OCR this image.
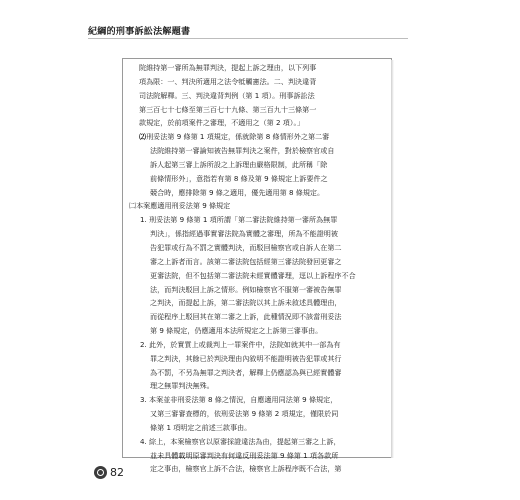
紀綱的刑事訴訟法解題書

院維持第一審所為無罪判決，提起上訴之理由，以下列事

項為限：一、判決所適用之法令牴觸憲法。二、判決違背

司法院解釋。三、判決違背判例（第 1 項）。刑事訴訟法

第三百七十七條至第三百七十九條、第三百九十三條第一

款規定，於前項案件之審理，不適用之（第 2 項）。」

⑵刑妥法第 9 條第 1 項規定，係就除第 8 條情形外之第二審

法院維持第一審論知被告無罪判決之案件，對於檢察官或自

訴人起第三審上訴所設之上訴理由嚴格限制，此所稱「除

前條情形外」，意指若有第 8 條及第 9 條規定上訴要件之

競合時，應排除第 9 條之適用，優先適用第 8 條規定。

㈡本案應適用刑妥法第 9 條規定

1. 刑妥法第 9 條第 1 項所謂「第二審法院維持第一審所為無罪

判決」，係指經過事實審法院為實體之審理，所為不能證明被

告犯罪或行為不罰之實體判決，而駁回檢察官或自訴人在第二

審之上訴者而言。該第二審法院包括經第三審法院發回更審之

更審法院，但不包括第二審法院未經實體審理，逕以上訴程序不合

法，而判決駁回上訴之情形。例如檢察官不服第一審被告無罪

之判決，而提起上訴，第二審法院以其上訴未敘述具體理由，

而從程序上駁回其在第二審之上訴，此種情況即不該當刑妥法

第 9 條規定，仍應適用本法所規定之上訴第三審事由。

2. 此外，於實質上或裁判上一罪案件中，法院如就其中一部為有

罪之判決，其餘已於判決理由內敘明不能證明被告犯罪或其行

為不罰，不另為無罪之判決者，解釋上仍應認為與已經實體審

理之無罪判決無殊。

3. 本案並非刑妥法第 8 條之情況，自應適用同法第 9 條規定，

又第三審審查標的，依刑妥法第 9 條第 2 項規定，僅限於同

條第 1 項明定之前述三款事由。

4. 綜上，本案檢察官以原審採證違法為由，提起第三審之上訴，

並未具體載明原審判決有何違反刑妥法第 9 條第 1 項各款所

定之事由，檢察官上訴不合法，檢察官上訴程序既不合法，第

82
